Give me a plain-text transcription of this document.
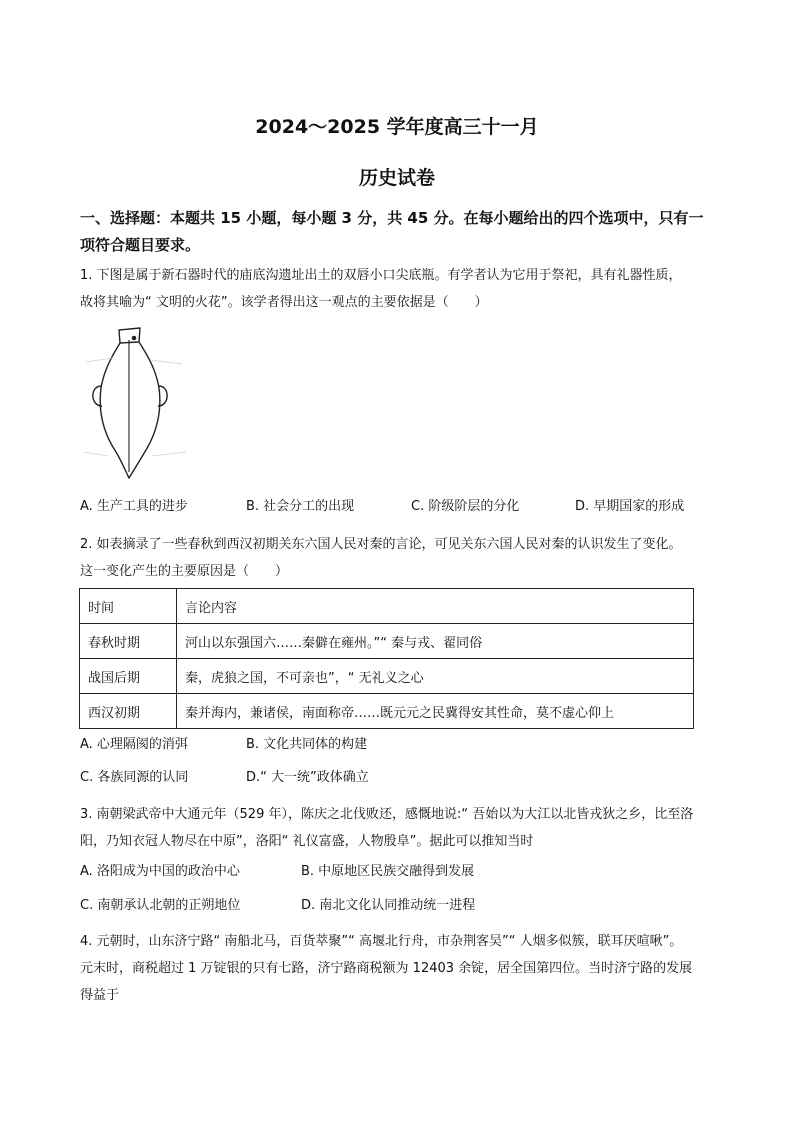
2024～2025 学年度高三十一月
历史试卷
一、选择题：本题共 15 小题，每小题 3 分，共 45 分。在每小题给出的四个选项中，只有一
项符合题目要求。
1. 下图是属于新石器时代的庙底沟遗址出土的双唇小口尖底瓶。有学者认为它用于祭祀，具有礼器性质，
故将其喻为“ 文明的火花”。该学者得出这一观点的主要依据是（　　）
A. 生产工具的进步	B. 社会分工的出现	C. 阶级阶层的分化	D. 早期国家的形成
2. 如表摘录了一些春秋到西汉初期关东六国人民对秦的言论，可见关东六国人民对秦的认识发生了变化。
这一变化产生的主要原因是（　　）
时间	言论内容
春秋时期	河山以东强国六……秦僻在雍州。”“ 秦与戎、翟同俗
战国后期	秦，虎狼之国，不可亲也”，“ 无礼义之心
西汉初期	秦并海内，兼诸侯，南面称帝……既元元之民冀得安其性命，莫不虚心仰上
A. 心理隔阂的消弭	B. 文化共同体的构建
C. 各族同源的认同	D.“ 大一统”政体确立
3. 南朝梁武帝中大通元年（529 年），陈庆之北伐败还，感慨地说:“ 吾始以为大江以北皆戎狄之乡，比至洛
阳，乃知衣冠人物尽在中原”，洛阳“ 礼仪富盛，人物殷阜”。据此可以推知当时
A. 洛阳成为中国的政治中心	B. 中原地区民族交融得到发展
C. 南朝承认北朝的正朔地位	D. 南北文化认同推动统一进程
4. 元朝时，山东济宁路“ 南船北马，百货萃聚”“ 高堰北行舟，市杂荆客吴”“ 人烟多似簇，联耳厌喧啾”。
元末时，商税超过 1 万锭银的只有七路，济宁路商税额为 12403 余锭，居全国第四位。当时济宁路的发展
得益于
